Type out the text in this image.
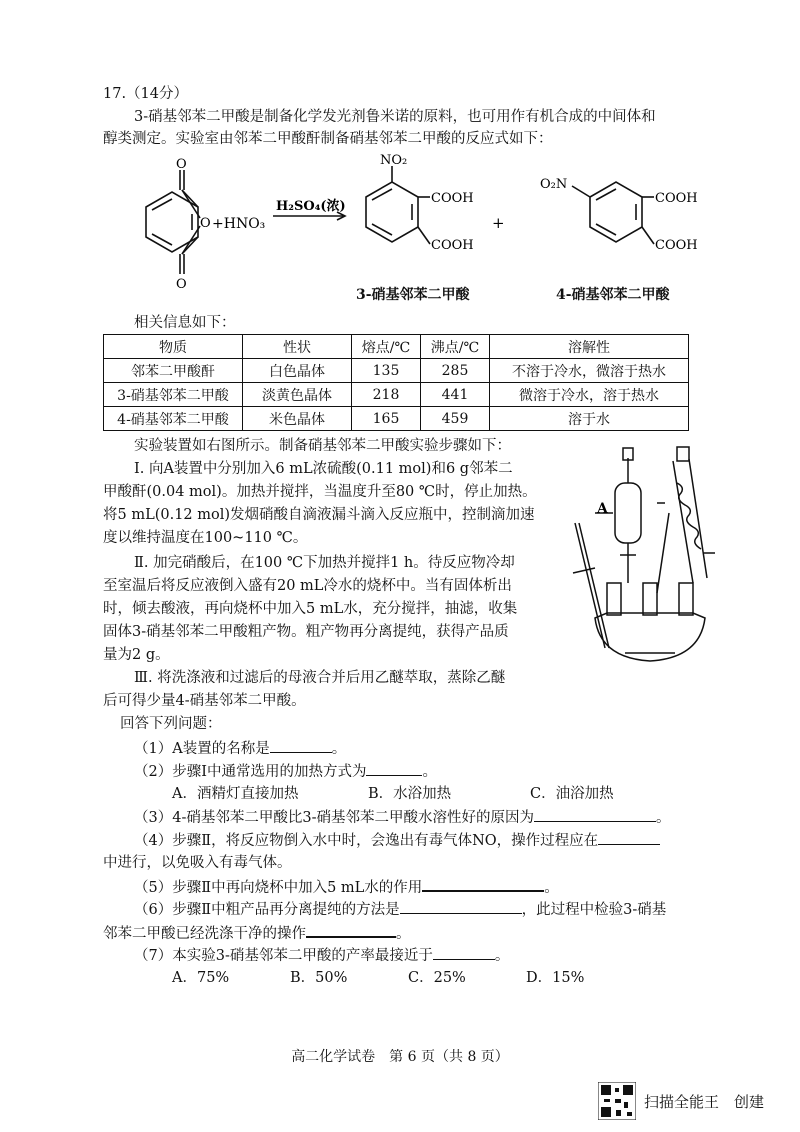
17.（14分）
3-硝基邻苯二甲酸是制备化学发光剂鲁米诺的原料，也可用作有机合成的中间体和
醇类测定。实验室由邻苯二甲酸酐制备硝基邻苯二甲酸的反应式如下：
O
O
O +HNO₃
H₂SO₄(浓)
NO₂
COOH
COOH
+
O₂N
COOH
COOH
3-硝基邻苯二甲酸	4-硝基邻苯二甲酸
相关信息如下：
物质	性状	熔点/℃	沸点/℃	溶解性
邻苯二甲酸酐	白色晶体	135	285	不溶于冷水，微溶于热水
3-硝基邻苯二甲酸	淡黄色晶体	218	441	微溶于冷水，溶于热水
4-硝基邻苯二甲酸	米色晶体	165	459	溶于水
实验装置如右图所示。制备硝基邻苯二甲酸实验步骤如下：
Ⅰ. 向A装置中分别加入6 mL浓硫酸(0.11 mol)和6 g邻苯二
甲酸酐(0.04 mol)。加热并搅拌，当温度升至80 ℃时，停止加热。
将5 mL(0.12 mol)发烟硝酸自滴液漏斗滴入反应瓶中，控制滴加速
度以维持温度在100~110 ℃。
Ⅱ. 加完硝酸后，在100 ℃下加热并搅拌1 h。待反应物冷却
至室温后将反应液倒入盛有20 mL冷水的烧杯中。当有固体析出
时，倾去酸液，再向烧杯中加入5 mL水，充分搅拌，抽滤，收集
固体3-硝基邻苯二甲酸粗产物。粗产物再分离提纯，获得产品质
量为2 g。
Ⅲ. 将洗涤液和过滤后的母液合并后用乙醚萃取，蒸除乙醚
后可得少量4-硝基邻苯二甲酸。
A
回答下列问题：
（1）A装置的名称是	。
（2）步骤Ⅰ中通常选用的加热方式为	。
A．酒精灯直接加热	B．水浴加热	C．油浴加热
（3）4-硝基邻苯二甲酸比3-硝基邻苯二甲酸水溶性好的原因为	。
（4）步骤Ⅱ，将反应物倒入水中时，会逸出有毒气体NO，操作过程应在
中进行，以免吸入有毒气体。
（5）步骤Ⅱ中再向烧杯中加入5 mL水的作用	。
（6）步骤Ⅱ中粗产品再分离提纯的方法是	，此过程中检验3-硝基
邻苯二甲酸已经洗涤干净的操作	。
（7）本实验3-硝基邻苯二甲酸的产率最接近于	。
A．75%	B．50%	C．25%	D．15%
高二化学试卷　第 6 页（共 8 页）
扫描全能王　创建
